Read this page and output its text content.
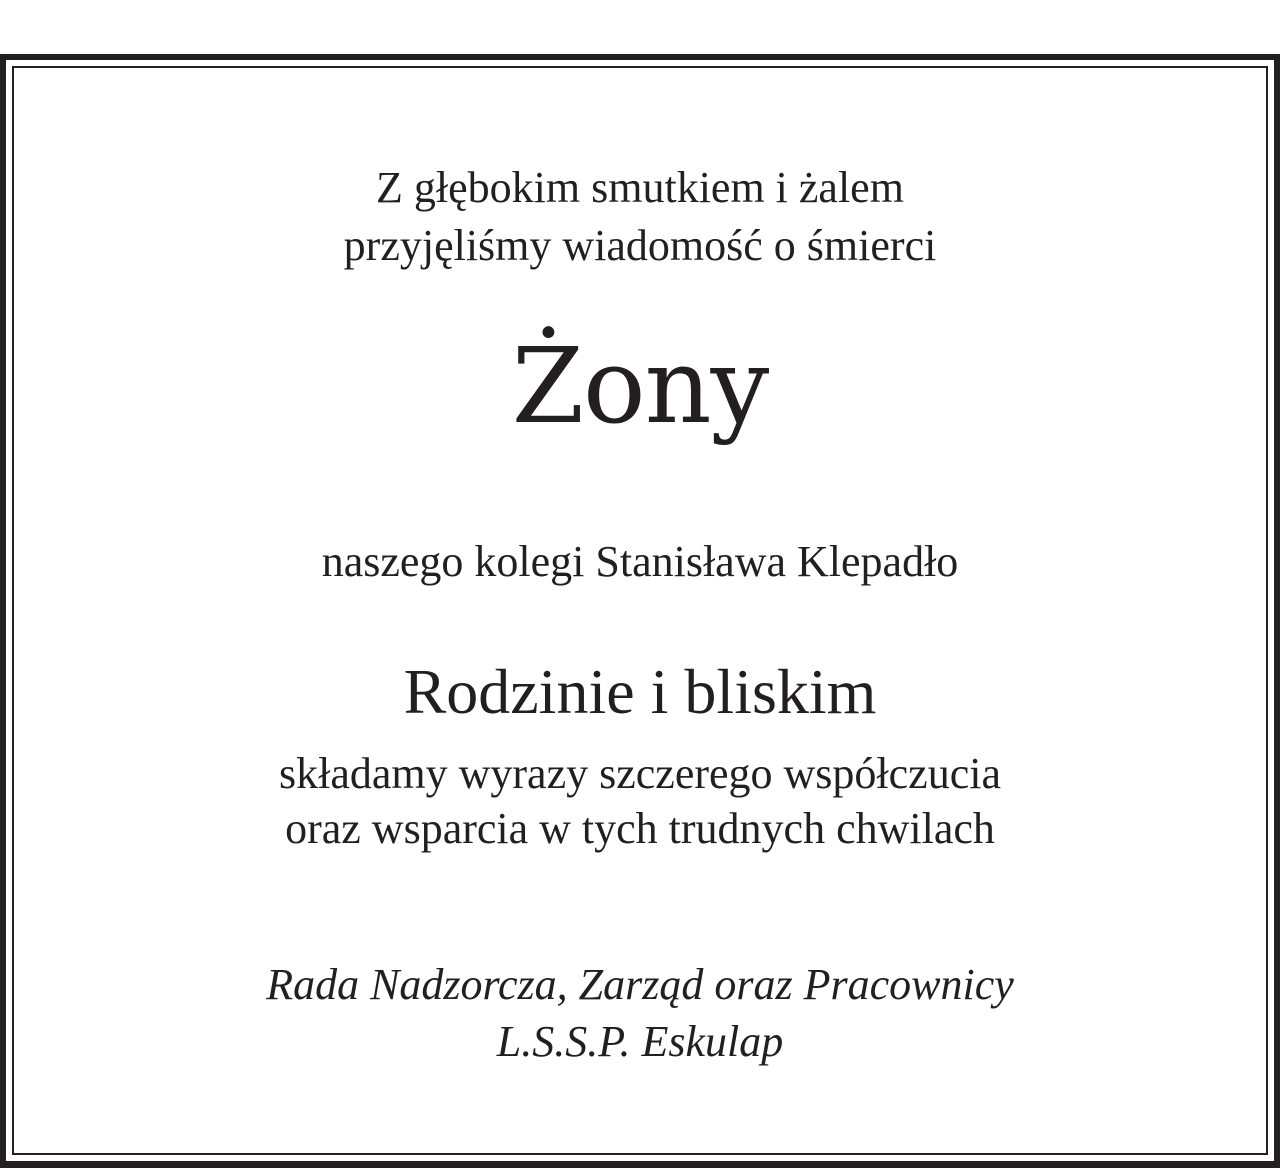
Z głębokim smutkiem i żalem
przyjęliśmy wiadomość o śmierci
Żony
naszego kolegi Stanisława Klepadło
Rodzinie i bliskim
składamy wyrazy szczerego współczucia
oraz wsparcia w tych trudnych chwilach
Rada Nadzorcza, Zarząd oraz Pracownicy
L.S.S.P. Eskulap
